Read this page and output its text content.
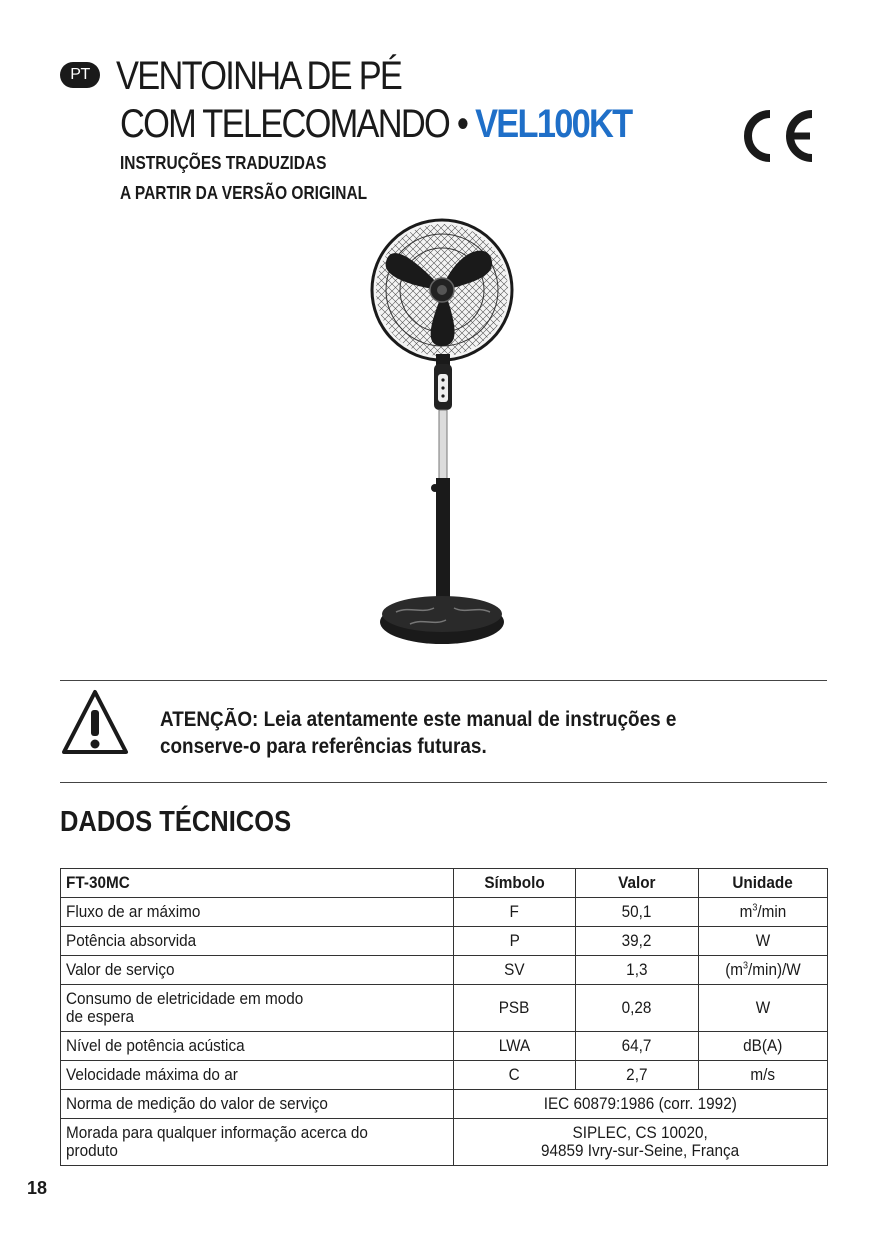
PT VENTOINHA DE PÉ
COM TELECOMANDO • VEL100KT
INSTRUÇÕES TRADUZIDAS
A PARTIR DA VERSÃO ORIGINAL
ATENÇÃO: Leia atentamente este manual de instruções e
conserve-o para referências futuras.
DADOS TÉCNICOS
FT-30MC	Símbolo	Valor	Unidade
Fluxo de ar máximo	F	50,1	$m^3/\min$
Potência absorvida	P	39,2	W
Valor de serviço	SV	1,3	$(m^3/\min)/W$
Consumo de eletricidade em modo
de espera	PSB	0,28	W
Nível de potência acústica	LWA	64,7	dB(A)
Velocidade máxima do ar	C	2,7	m/s
Norma de medição do valor de serviço	IEC 60879:1986 (corr. 1992)		
Morada para qualquer informação acerca do
produto	SIPLEC, CS 10020,
94859 Ivry-sur-Seine, França		
18
